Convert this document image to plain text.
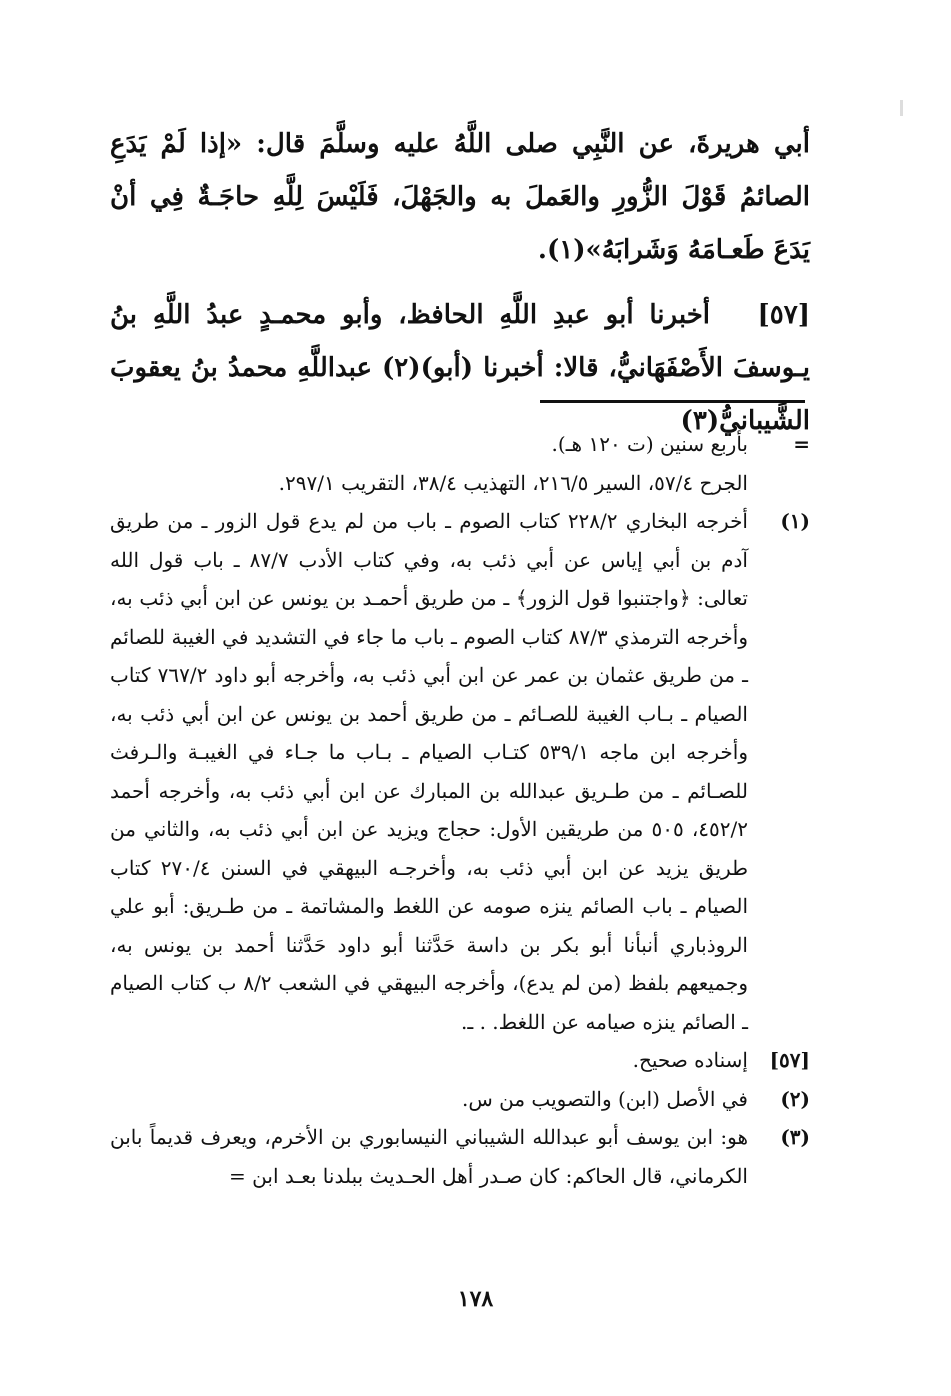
أبي هريرةَ، عن النَّبِي صلى اللَّهُ عليه وسلَّمَ قال: «إذا لَمْ يَدَعِ الصائمُ قَوْلَ الزُّورِ والعَملَ به والجَهْلَ، فَلَيْسَ لِلَّهِ حاجَـةٌ فِي أنْ يَدَعَ طَعـامَهُ وَشَرابَهُ»(١).

[٥٧]   أخبرنا أبو عبدِ اللَّهِ الحافظ، وأبو محمـدٍ عبدُ اللَّهِ بنُ يـوسفَ الأَصْفَهَانيُّ، قالا: أخبرنا (أبو)(٢) عبداللَّهِ محمدُ بنُ يعقوبَ الشَّيبانيُّ(٣)

=
بأربع سنين (ت ١٢٠ هـ).
الجرح ٥٧/٤، السير ٢١٦/٥، التهذيب ٣٨/٤، التقريب ٢٩٧/١.
(١)
أخرجه البخاري ٢٢٨/٢ كتاب الصوم ـ باب من لم يدع قول الزور ـ من طريق آدم بن أبي إياس عن أبي ذئب به، وفي كتاب الأدب ٨٧/٧ ـ باب قول الله تعالى: ﴿واجتنبوا قول الزور﴾ ـ من طريق أحمـد بن يونس عن ابن أبي ذئب به، وأخرجه الترمذي ٨٧/٣ كتاب الصوم ـ باب ما جاء في التشديد في الغيبة للصائم ـ من طريق عثمان بن عمر عن ابن أبي ذئب به، وأخرجه أبو داود ٧٦٧/٢ كتاب الصيام ـ بـاب الغيبة للصـائم ـ من طريق أحمد بن يونس عن ابن أبي ذئب به، وأخرجه ابن ماجه ٥٣٩/١ كتـاب الصيام ـ بـاب ما جـاء في الغيبـة والـرفث للصـائم ـ من طـريق عبدالله بن المبارك عن ابن أبي ذئب به، وأخرجه أحمد ٤٥٢/٢، ٥٠٥ من طريقين الأول: حجاج ويزيد عن ابن أبي ذئب به، والثاني من طريق يزيد عن ابن أبي ذئب به، وأخرجـه البيهقي في السنن ٢٧٠/٤ كتاب الصيام ـ باب الصائم ينزه صومه عن اللغط والمشاتمة ـ من طـريق: أبو علي الروذباري أنبأنا أبو بكر بن داسة حَدَّثنا أبو داود حَدَّثنا أحمد بن يونس به، وجميعهم بلفظ (من لم يدع)، وأخرجه البيهقي في الشعب ٨/٢ ب كتاب الصيام ـ الصائم ينزه صيامه عن اللغط. . ـ.
[٥٧]
إسناده صحيح.
(٢)
في الأصل (ابن) والتصويب من س.
(٣)
هو: ابن يوسف أبو عبدالله الشيباني النيسابوري بن الأخرم، ويعرف قديماً بابن الكرماني، قال الحاكم: كان صـدر أهل الحـديث ببلدنا بعـد ابن =
١٧٨
